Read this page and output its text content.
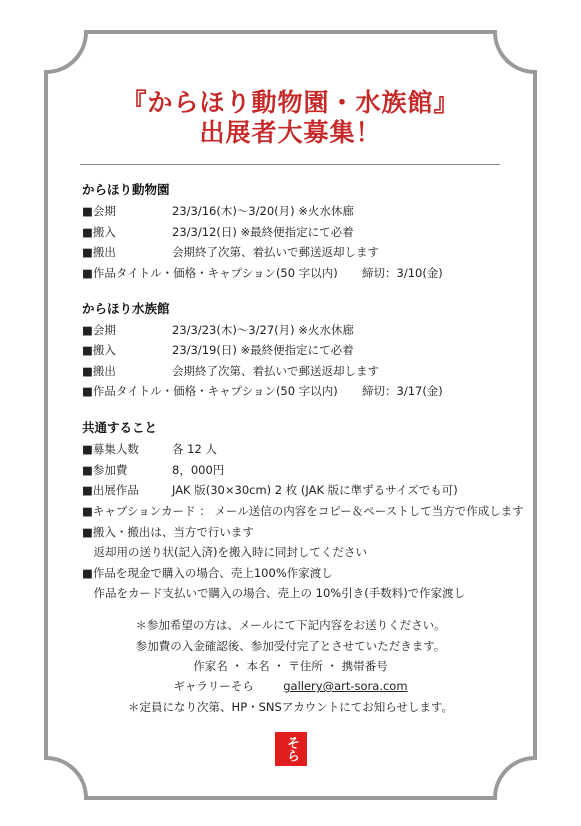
『からほり動物園・水族館』
出展者大募集！
からほり動物園
■会期	23/3/16(木)～3/20(月) ※火水休廊
■搬入	23/3/12(日) ※最終便指定にて必着
■搬出	会期終了次第、着払いで郵送返却します
■作品タイトル・価格・キャプション(50 字以内) 締切：3/10(金)
からほり水族館
■会期	23/3/23(木)～3/27(月) ※火水休廊
■搬入	23/3/19(日) ※最終便指定にて必着
■搬出	会期終了次第、着払いで郵送返却します
■作品タイトル・価格・キャプション(50 字以内) 締切：3/17(金)
共通すること
■募集人数	各 12 人
■参加費	8，000円
■出展作品	JAK 版(30×30cm) 2 枚 (JAK 版に準ずるサイズでも可)
■キャプションカード ： メール送信の内容をコピー＆ペーストして当方で作成します
■搬入・搬出は、当方で行います
　返却用の送り状(記入済)を搬入時に同封してください
■作品を現金で購入の場合、売上100%作家渡し
　作品をカード支払いで購入の場合、売上の 10%引き(手数料)で作家渡し
＊参加希望の方は、メールにて下記内容をお送りください。
参加費の入金確認後、参加受付完了とさせていただきます。
作家名 ・ 本名 ・ 〒住所 ・ 携帯番号
ギャラリーそら	gallery@art-sora.com
＊定員になり次第、HP・SNSアカウントにてお知らせします。
そら
